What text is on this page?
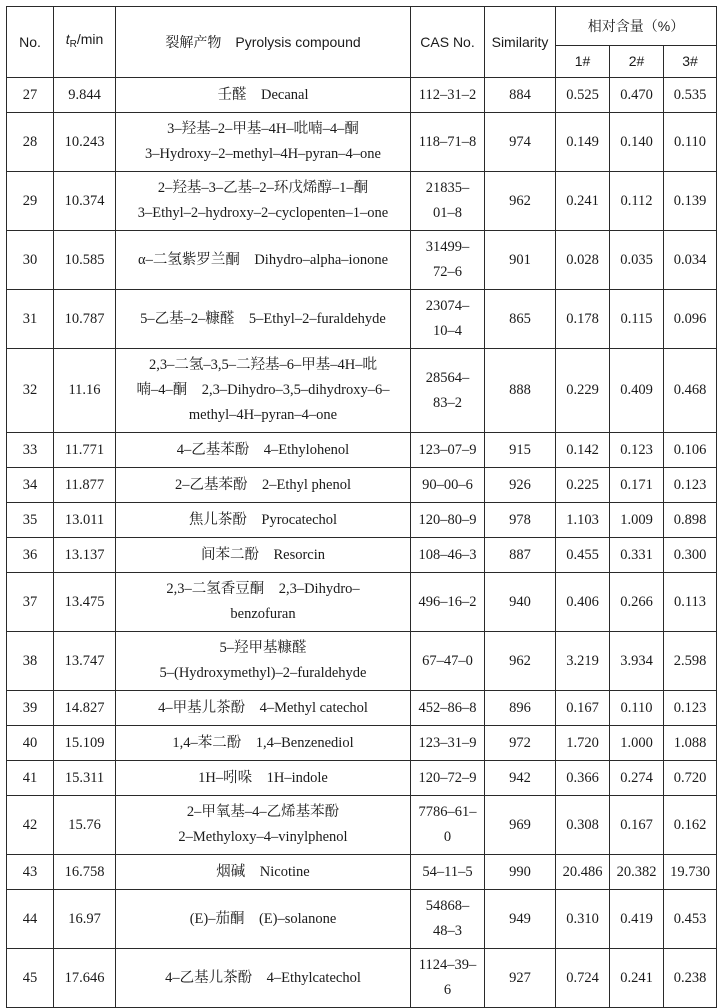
No.	$t_R/\min$	裂解产物 Pyrolysis compound	CAS No.	Similarity	相对含量（%）		
					1#	2#	3#
27	9.844	壬醛　Decanal	112–31–2	884	0.525	0.470	0.535
28	10.243	3–羟基–2–甲基–4H–吡喃–4–酮
3–Hydroxy–2–methyl–4H–pyran–4–one	118–71–8	974	0.149	0.140	0.110
29	10.374	2–羟基–3–乙基–2–环戊烯醇–1–酮
3–Ethyl–2–hydroxy–2–cyclopenten–1–one	21835–
01–8	962	0.241	0.112	0.139
30	10.585	α–二氢紫罗兰酮　Dihydro–alpha–ionone	31499–
72–6	901	0.028	0.035	0.034
31	10.787	5–乙基–2–糠醛　5–Ethyl–2–furaldehyde	23074–
10–4	865	0.178	0.115	0.096
32	11.16	2,3–二氢–3,5–二羟基–6–甲基–4H–吡
喃–4–酮　2,3–Dihydro–3,5–dihydroxy–6–
methyl–4H–pyran–4–one	28564–
83–2	888	0.229	0.409	0.468
33	11.771	4–乙基苯酚　4–Ethylohenol	123–07–9	915	0.142	0.123	0.106
34	11.877	2–乙基苯酚　2–Ethyl phenol	90–00–6	926	0.225	0.171	0.123
35	13.011	焦儿茶酚　Pyrocatechol	120–80–9	978	1.103	1.009	0.898
36	13.137	间苯二酚　Resorcin	108–46–3	887	0.455	0.331	0.300
37	13.475	2,3–二氢香豆酮　2,3–Dihydro–
benzofuran	496–16–2	940	0.406	0.266	0.113
38	13.747	5–羟甲基糠醛
5–(Hydroxymethyl)–2–furaldehyde	67–47–0	962	3.219	3.934	2.598
39	14.827	4–甲基儿茶酚　4–Methyl catechol	452–86–8	896	0.167	0.110	0.123
40	15.109	1,4–苯二酚　1,4–Benzenediol	123–31–9	972	1.720	1.000	1.088
41	15.311	1H–吲哚　1H–indole	120–72–9	942	0.366	0.274	0.720
42	15.76	2–甲氧基–4–乙烯基苯酚
2–Methyloxy–4–vinylphenol	7786–61–
0	969	0.308	0.167	0.162
43	16.758	烟碱　Nicotine	54–11–5	990	20.486	20.382	19.730
44	16.97	(E)–茄酮　(E)–solanone	54868–
48–3	949	0.310	0.419	0.453
45	17.646	4–乙基儿茶酚　4–Ethylcatechol	1124–39–
6	927	0.724	0.241	0.238
